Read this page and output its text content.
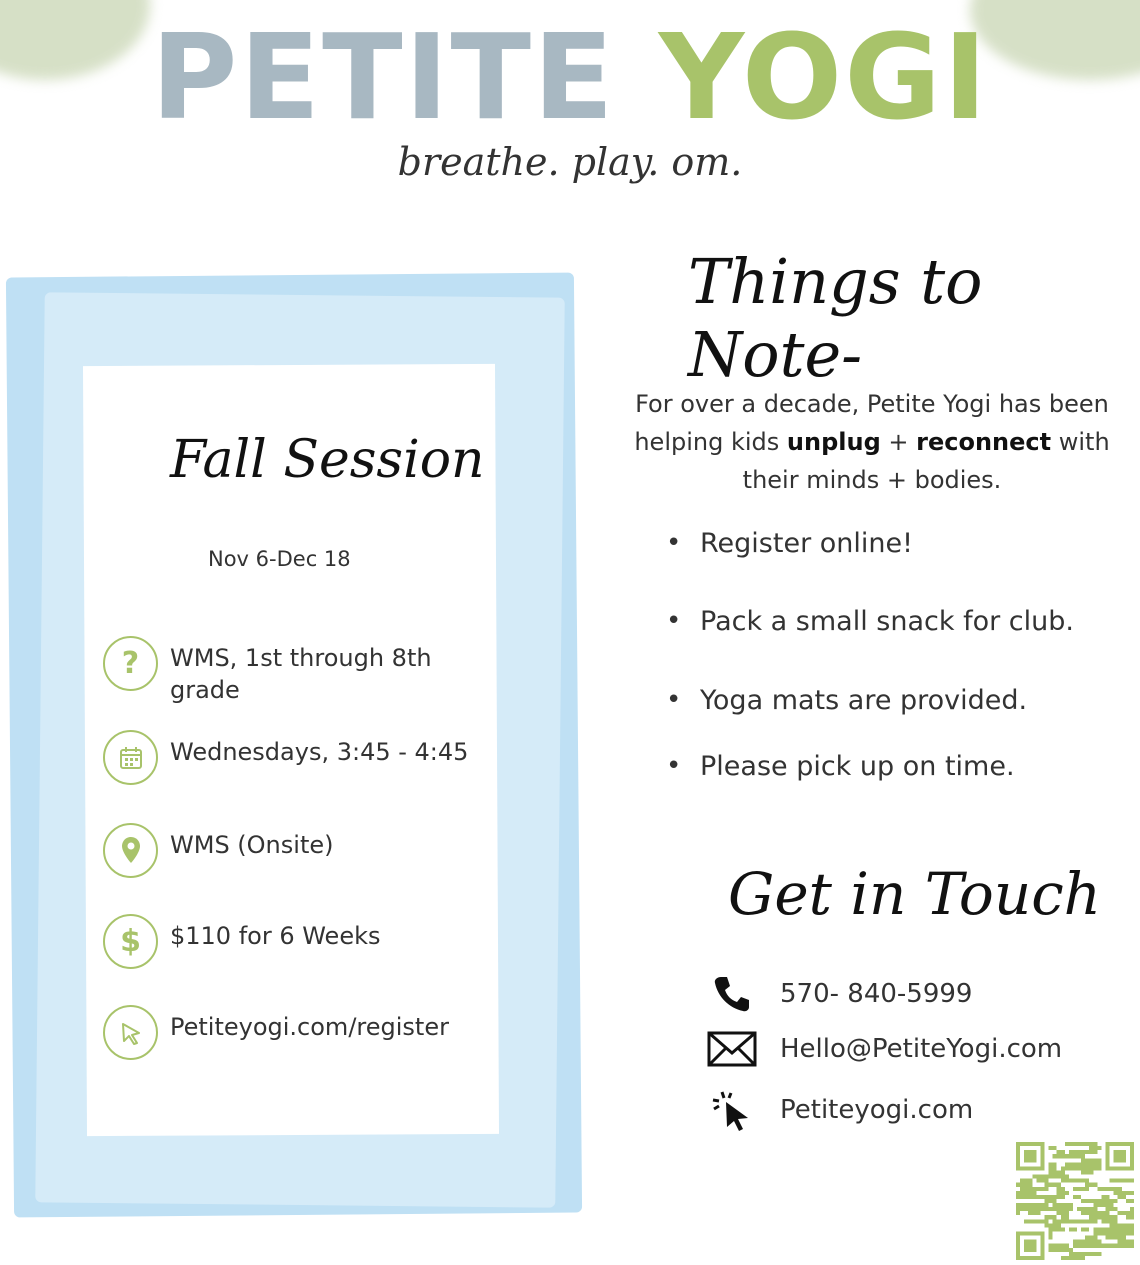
PETITE YOGI
breathe. play. om.
Fall Session
Nov 6-Dec 18
?	WMS, 1st through 8th grade
Wednesdays, 3:45 - 4:45
WMS (Onsite)
$	$110 for 6 Weeks
Petiteyogi.com/register
Things to Note-
For over a decade, Petite Yogi has been helping kids unplug + reconnect with their minds + bodies.
• Register online!
• Pack a small snack for club.
• Yoga mats are provided.
• Please pick up on time.
Get in Touch
570- 840-5999
Hello@PetiteYogi.com
Petiteyogi.com
